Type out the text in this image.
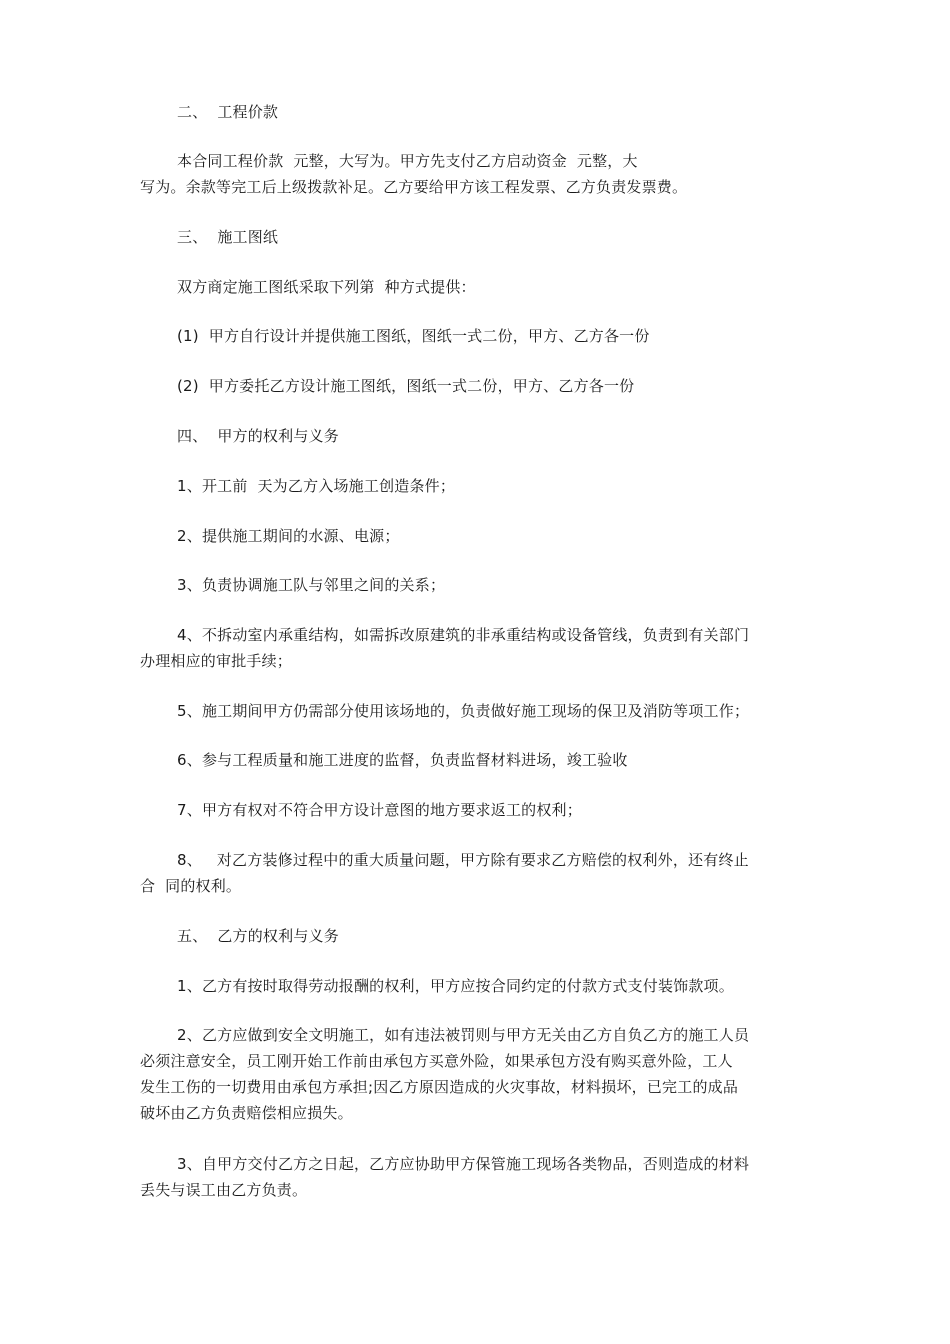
二、  工程价款
本合同工程价款  元整，大写为。甲方先支付乙方启动资金  元整，大
写为。余款等完工后上级拨款补足。乙方要给甲方该工程发票、乙方负责发票费。
三、  施工图纸
双方商定施工图纸采取下列第  种方式提供：
(1)  甲方自行设计并提供施工图纸，图纸一式二份，甲方、乙方各一份
(2)  甲方委托乙方设计施工图纸，图纸一式二份，甲方、乙方各一份
四、  甲方的权利与义务
1、开工前  天为乙方入场施工创造条件；
2、提供施工期间的水源、电源；
3、负责协调施工队与邻里之间的关系；
4、不拆动室内承重结构，如需拆改原建筑的非承重结构或设备管线，负责到有关部门
办理相应的审批手续；
5、施工期间甲方仍需部分使用该场地的，负责做好施工现场的保卫及消防等项工作；
6、参与工程质量和施工进度的监督，负责监督材料进场，竣工验收
7、甲方有权对不符合甲方设计意图的地方要求返工的权利；
8、   对乙方装修过程中的重大质量问题，甲方除有要求乙方赔偿的权利外，还有终止
合  同的权利。
五、  乙方的权利与义务
1、乙方有按时取得劳动报酬的权利，甲方应按合同约定的付款方式支付装饰款项。
2、乙方应做到安全文明施工，如有违法被罚则与甲方无关由乙方自负乙方的施工人员
必须注意安全，员工刚开始工作前由承包方买意外险，如果承包方没有购买意外险，工人
发生工伤的一切费用由承包方承担;因乙方原因造成的火灾事故，材料损坏，已完工的成品
破坏由乙方负责赔偿相应损失。
3、自甲方交付乙方之日起，乙方应协助甲方保管施工现场各类物品，否则造成的材料
丢失与误工由乙方负责。
